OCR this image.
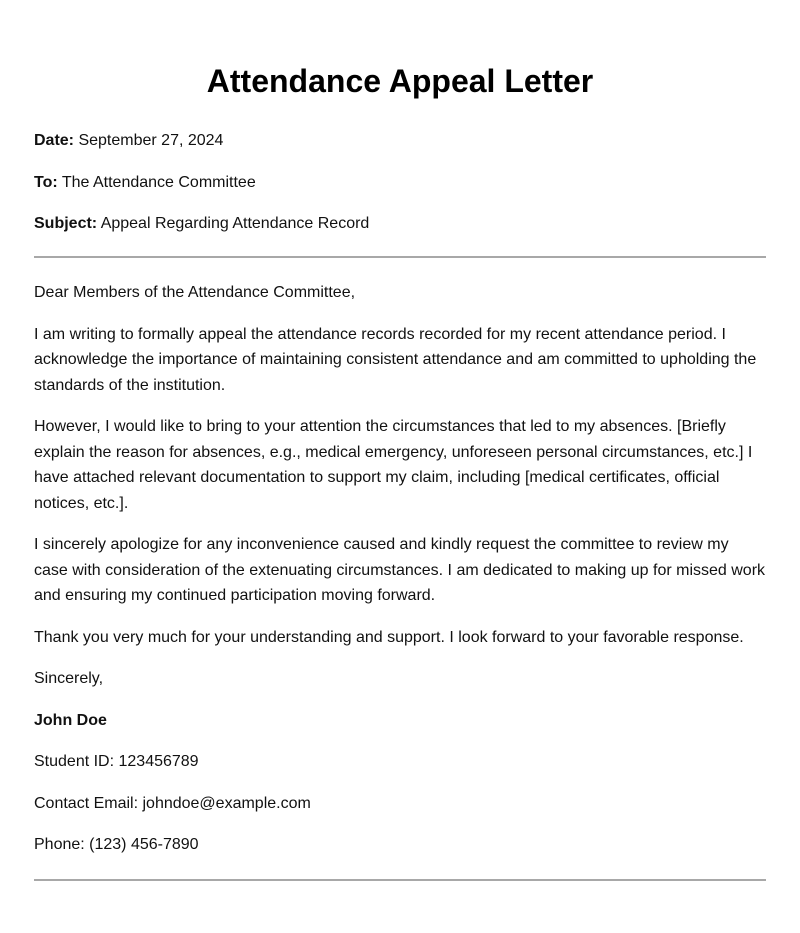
Attendance Appeal Letter

Date: September 27, 2024

To: The Attendance Committee

Subject: Appeal Regarding Attendance Record

Dear Members of the Attendance Committee,

I am writing to formally appeal the attendance records recorded for my recent attendance period. I acknowledge the importance of maintaining consistent attendance and am committed to upholding the standards of the institution.

However, I would like to bring to your attention the circumstances that led to my absences. [Briefly explain the reason for absences, e.g., medical emergency, unforeseen personal circumstances, etc.] I have attached relevant documentation to support my claim, including [medical certificates, official notices, etc.].

I sincerely apologize for any inconvenience caused and kindly request the committee to review my case with consideration of the extenuating circumstances. I am dedicated to making up for missed work and ensuring my continued participation moving forward.

Thank you very much for your understanding and support. I look forward to your favorable response.

Sincerely,

John Doe

Student ID: 123456789

Contact Email: johndoe@example.com

Phone: (123) 456-7890
